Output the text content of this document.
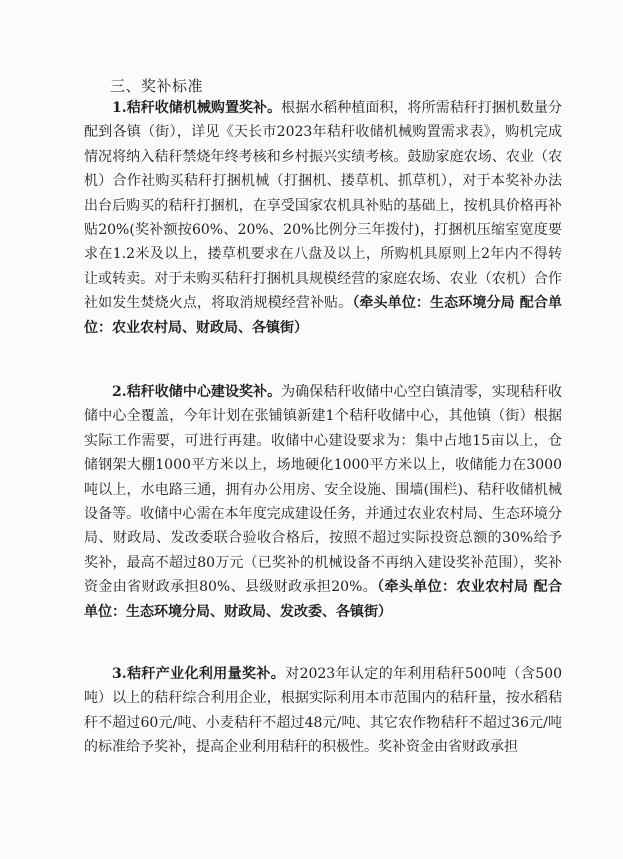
三、奖补标准

1.秸秆收储机械购置奖补。根据水稻种植面积，将所需秸秆打捆机数量分配到各镇（街），详见《天长市2023年秸秆收储机械购置需求表》，购机完成情况将纳入秸秆禁烧年终考核和乡村振兴实绩考核。鼓励家庭农场、农业（农机）合作社购买秸秆打捆机械（打捆机、搂草机、抓草机），对于本奖补办法出台后购买的秸秆打捆机，在享受国家农机具补贴的基础上，按机具价格再补贴20%(奖补额按60%、20%、20%比例分三年拨付)，打捆机压缩室宽度要求在1.2米及以上，搂草机要求在八盘及以上，所购机具原则上2年内不得转让或转卖。对于未购买秸秆打捆机具规模经营的家庭农场、农业（农机）合作社如发生焚烧火点，将取消规模经营补贴。（牵头单位：生态环境分局 配合单位：农业农村局、财政局、各镇街）

2.秸秆收储中心建设奖补。为确保秸秆收储中心空白镇清零，实现秸秆收储中心全覆盖，今年计划在张铺镇新建1个秸秆收储中心，其他镇（街）根据实际工作需要，可进行再建。收储中心建设要求为：集中占地15亩以上，仓储钢架大棚1000平方米以上，场地硬化1000平方米以上，收储能力在3000吨以上，水电路三通，拥有办公用房、安全设施、围墙(围栏)、秸秆收储机械设备等。收储中心需在本年度完成建设任务，并通过农业农村局、生态环境分局、财政局、发改委联合验收合格后，按照不超过实际投资总额的30%给予奖补，最高不超过80万元（已奖补的机械设备不再纳入建设奖补范围），奖补资金由省财政承担80%、县级财政承担20%。（牵头单位：农业农村局 配合单位：生态环境分局、财政局、发改委、各镇街）

3.秸秆产业化利用量奖补。对2023年认定的年利用秸秆500吨（含500吨）以上的秸秆综合利用企业，根据实际利用本市范围内的秸秆量，按水稻秸秆不超过60元/吨、小麦秸秆不超过48元/吨、其它农作物秸秆不超过36元/吨的标准给予奖补，提高企业利用秸秆的积极性。奖补资金由省财政承担
